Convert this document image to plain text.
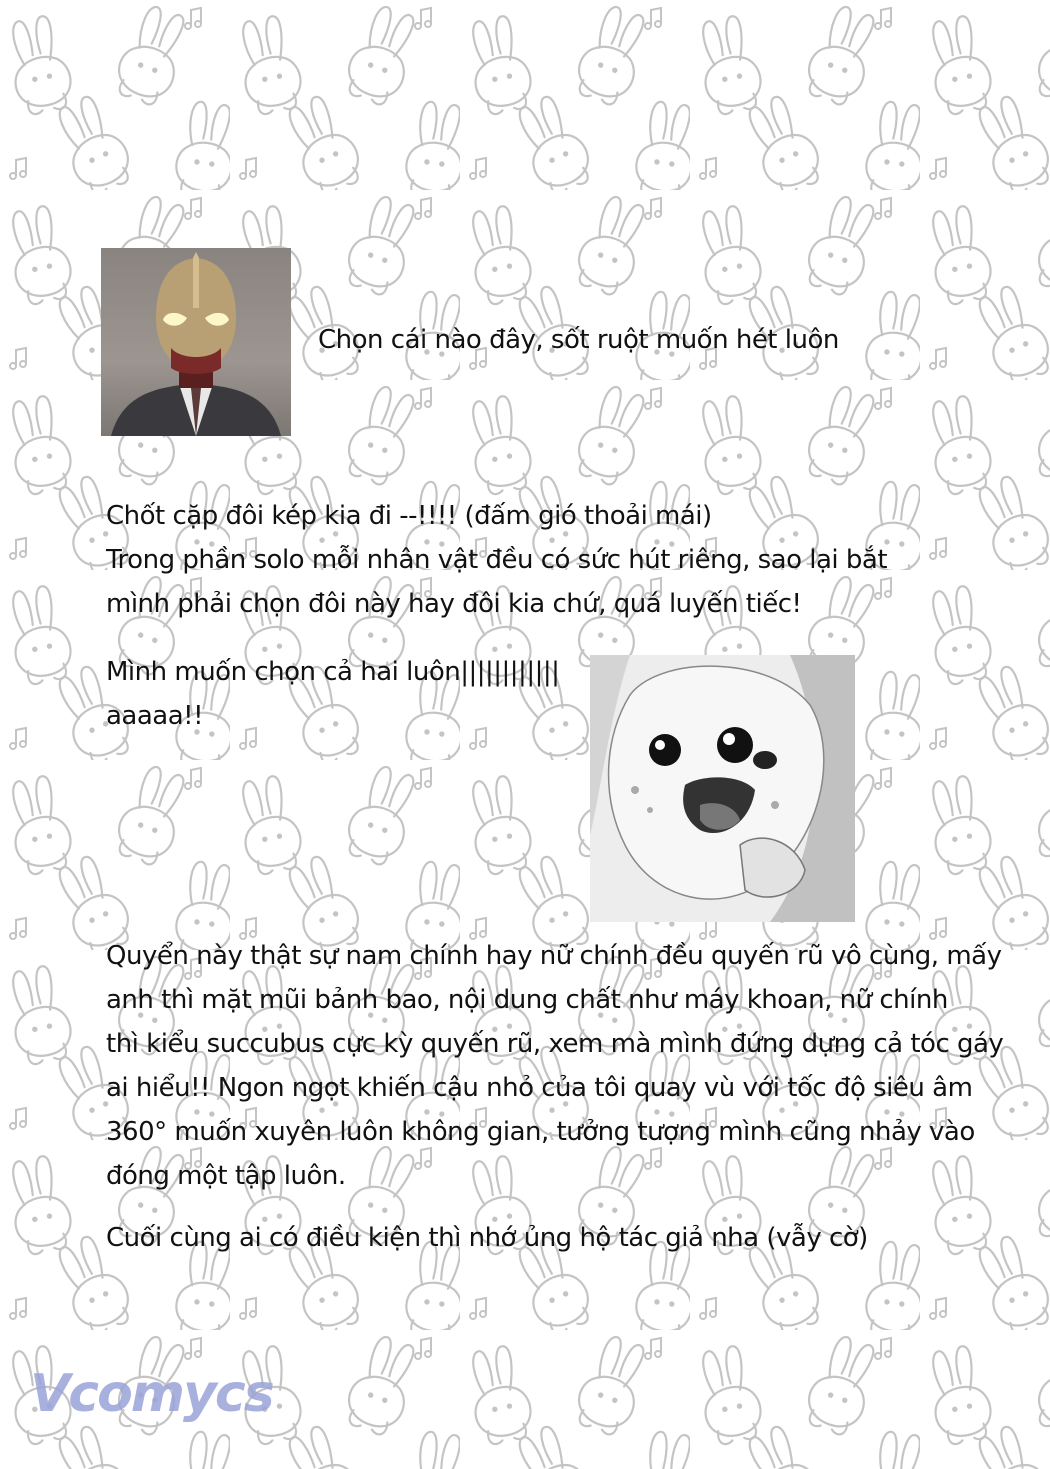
Chọn cái nào đây, sốt ruột muốn hét luôn
Chốt cặp đôi kép kia đi --!!!! (đấm gió thoải mái)
Trong phần solo mỗi nhân vật đều có sức hút riêng, sao lại bắt
mình phải chọn đôi này hay đôi kia chứ, quá luyến tiếc!
Mình muốn chọn cả hai luôn||||||||||||
aaaaa!!
Quyển này thật sự nam chính hay nữ chính đều quyến rũ vô cùng, mấy
anh thì mặt mũi bảnh bao, nội dung chất như máy khoan, nữ chính
thì kiểu succubus cực kỳ quyến rũ, xem mà mình đứng dựng cả tóc gáy
ai hiểu!! Ngon ngọt khiến cậu nhỏ của tôi quay vù với tốc độ siêu âm
360° muốn xuyên luôn không gian, tưởng tượng mình cũng nhảy vào
đóng một tập luôn.
Cuối cùng ai có điều kiện thì nhớ ủng hộ tác giả nha (vẫy cờ)
Vcomycs
